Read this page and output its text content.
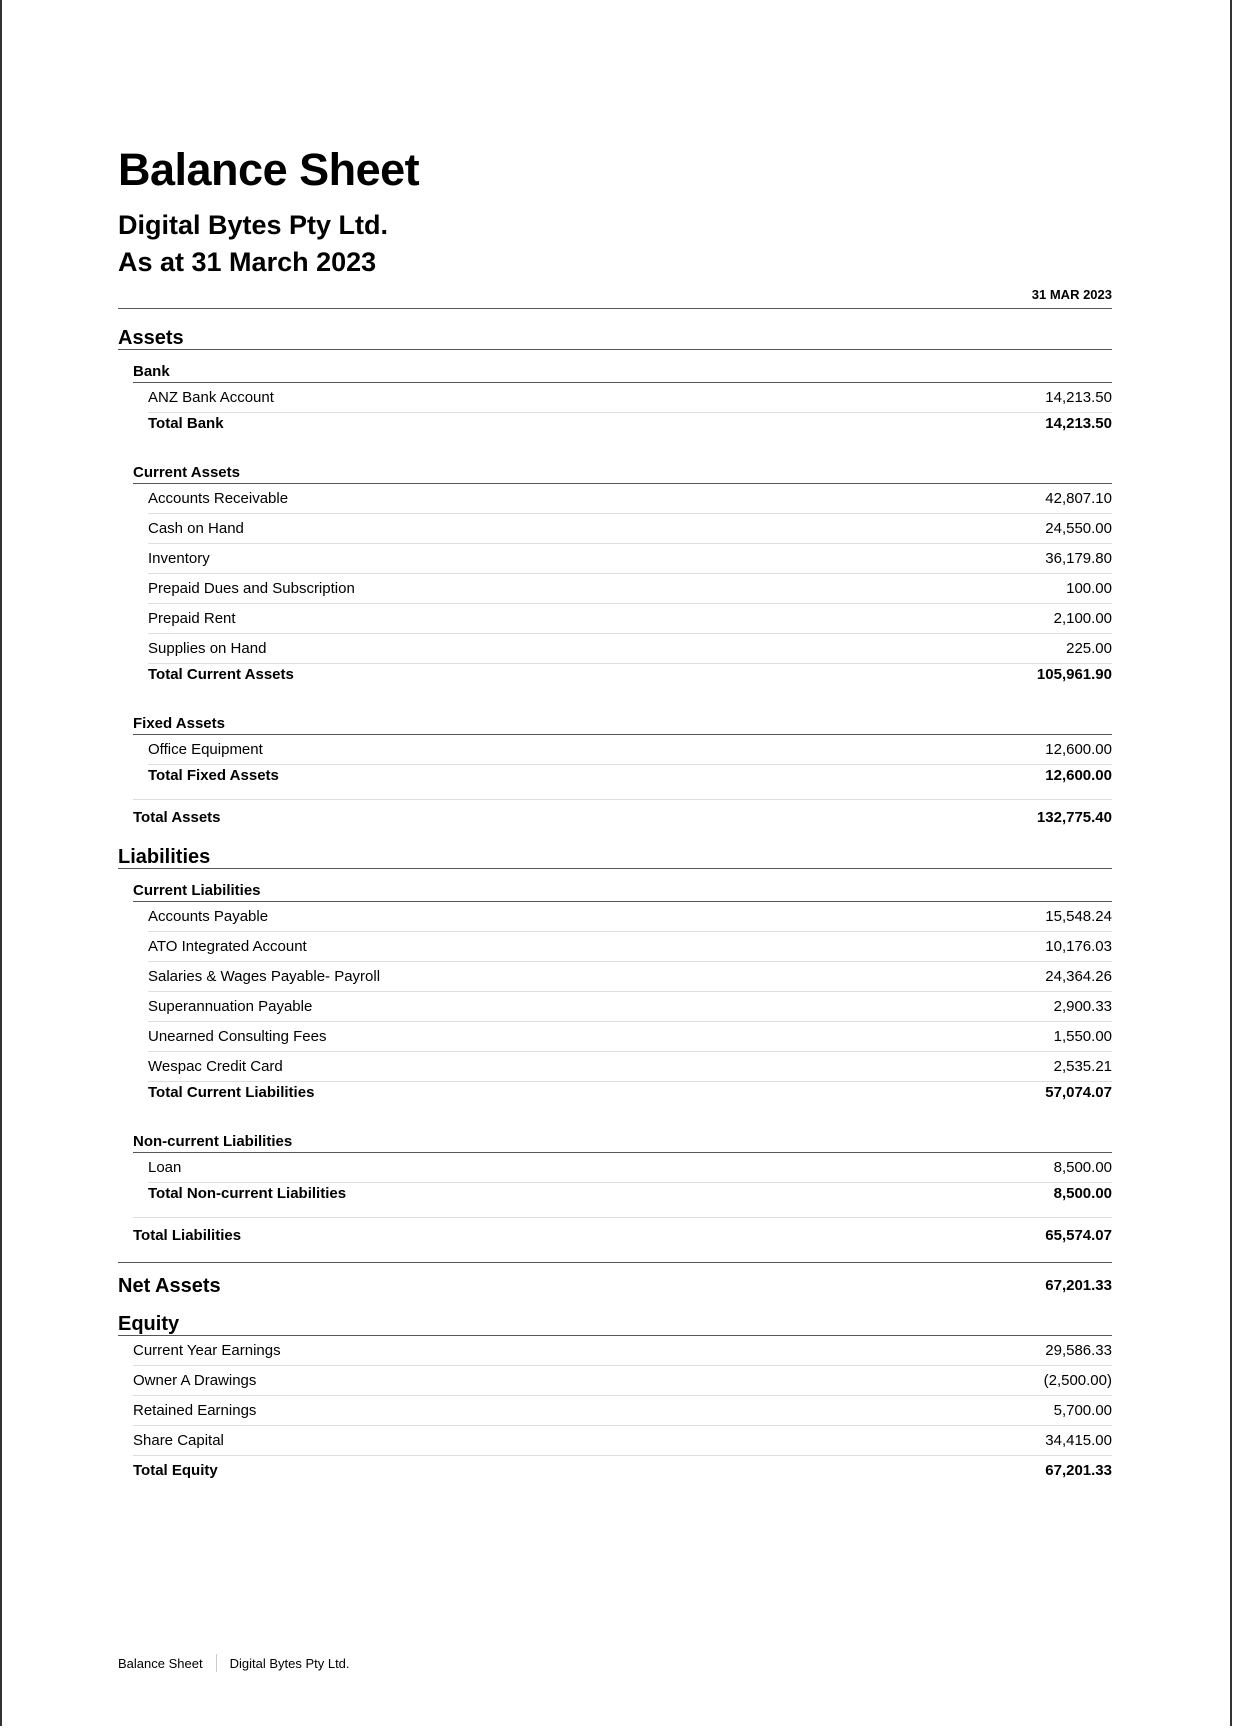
Balance Sheet
Digital Bytes Pty Ltd.
As at 31 March 2023
31 MAR 2023
Assets
Bank
ANZ Bank Account	14,213.50
Total Bank	14,213.50
Current Assets
Accounts Receivable	42,807.10
Cash on Hand	24,550.00
Inventory	36,179.80
Prepaid Dues and Subscription	100.00
Prepaid Rent	2,100.00
Supplies on Hand	225.00
Total Current Assets	105,961.90
Fixed Assets
Office Equipment	12,600.00
Total Fixed Assets	12,600.00
Total Assets	132,775.40
Liabilities
Current Liabilities
Accounts Payable	15,548.24
ATO Integrated Account	10,176.03
Salaries & Wages Payable- Payroll	24,364.26
Superannuation Payable	2,900.33
Unearned Consulting Fees	1,550.00
Wespac Credit Card	2,535.21
Total Current Liabilities	57,074.07
Non-current Liabilities
Loan	8,500.00
Total Non-current Liabilities	8,500.00
Total Liabilities	65,574.07
Net Assets	67,201.33
Equity
Current Year Earnings	29,586.33
Owner A Drawings	(2,500.00)
Retained Earnings	5,700.00
Share Capital	34,415.00
Total Equity	67,201.33
Balance Sheet Digital Bytes Pty Ltd.
